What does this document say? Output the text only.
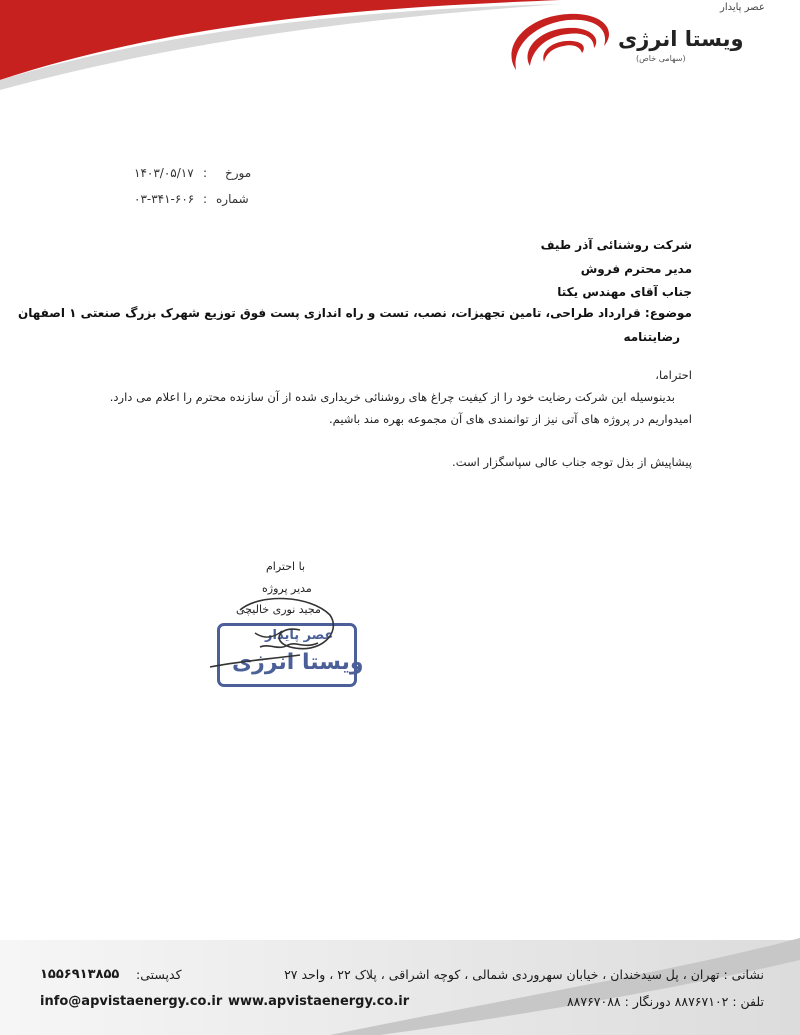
عصر پایدار
ویستا انرژی
(سهامی خاص)
مورخ
:
۱۴۰۳/۰۵/۱۷
شماره
:
۰۳-۳۴۱-۶۰۶
شرکت روشنائی آذر طیف
مدیر محترم فروش
جناب آقای مهندس یکتا
موضوع: قرارداد طراحی، تامین تجهیزات، نصب، تست و راه اندازی پست فوق توزیع شهرک بزرگ صنعتی ۱ اصفهان
رضایتنامه
احتراما،
بدینوسیله این شرکت رضایت خود را از کیفیت چراغ های روشنائی خریداری شده از آن سازنده محترم را اعلام می دارد.
امیدواریم در پروژه های آتی نیز از توانمندی های آن مجموعه بهره مند باشیم.
پیشاپیش از بذل توجه جناب عالی سپاسگزار است.
با احترام
مدیر پروژه
مجید نوری خالیچی
عصر پایدار
ویستا انرژی
نشانی : تهران ، پل سیدخندان ، خیابان سهروردی شمالی ، کوچه اشراقی ، پلاک ۲۲ ، واحد ۲۷
کدپستی:
۱۵۵۶۹۱۳۸۵۵
تلفن : ۸۸۷۶۷۱۰۲ دورنگار : ۸۸۷۶۷۰۸۸
www.apvistaenergy.co.ir
info@apvistaenergy.co.ir
